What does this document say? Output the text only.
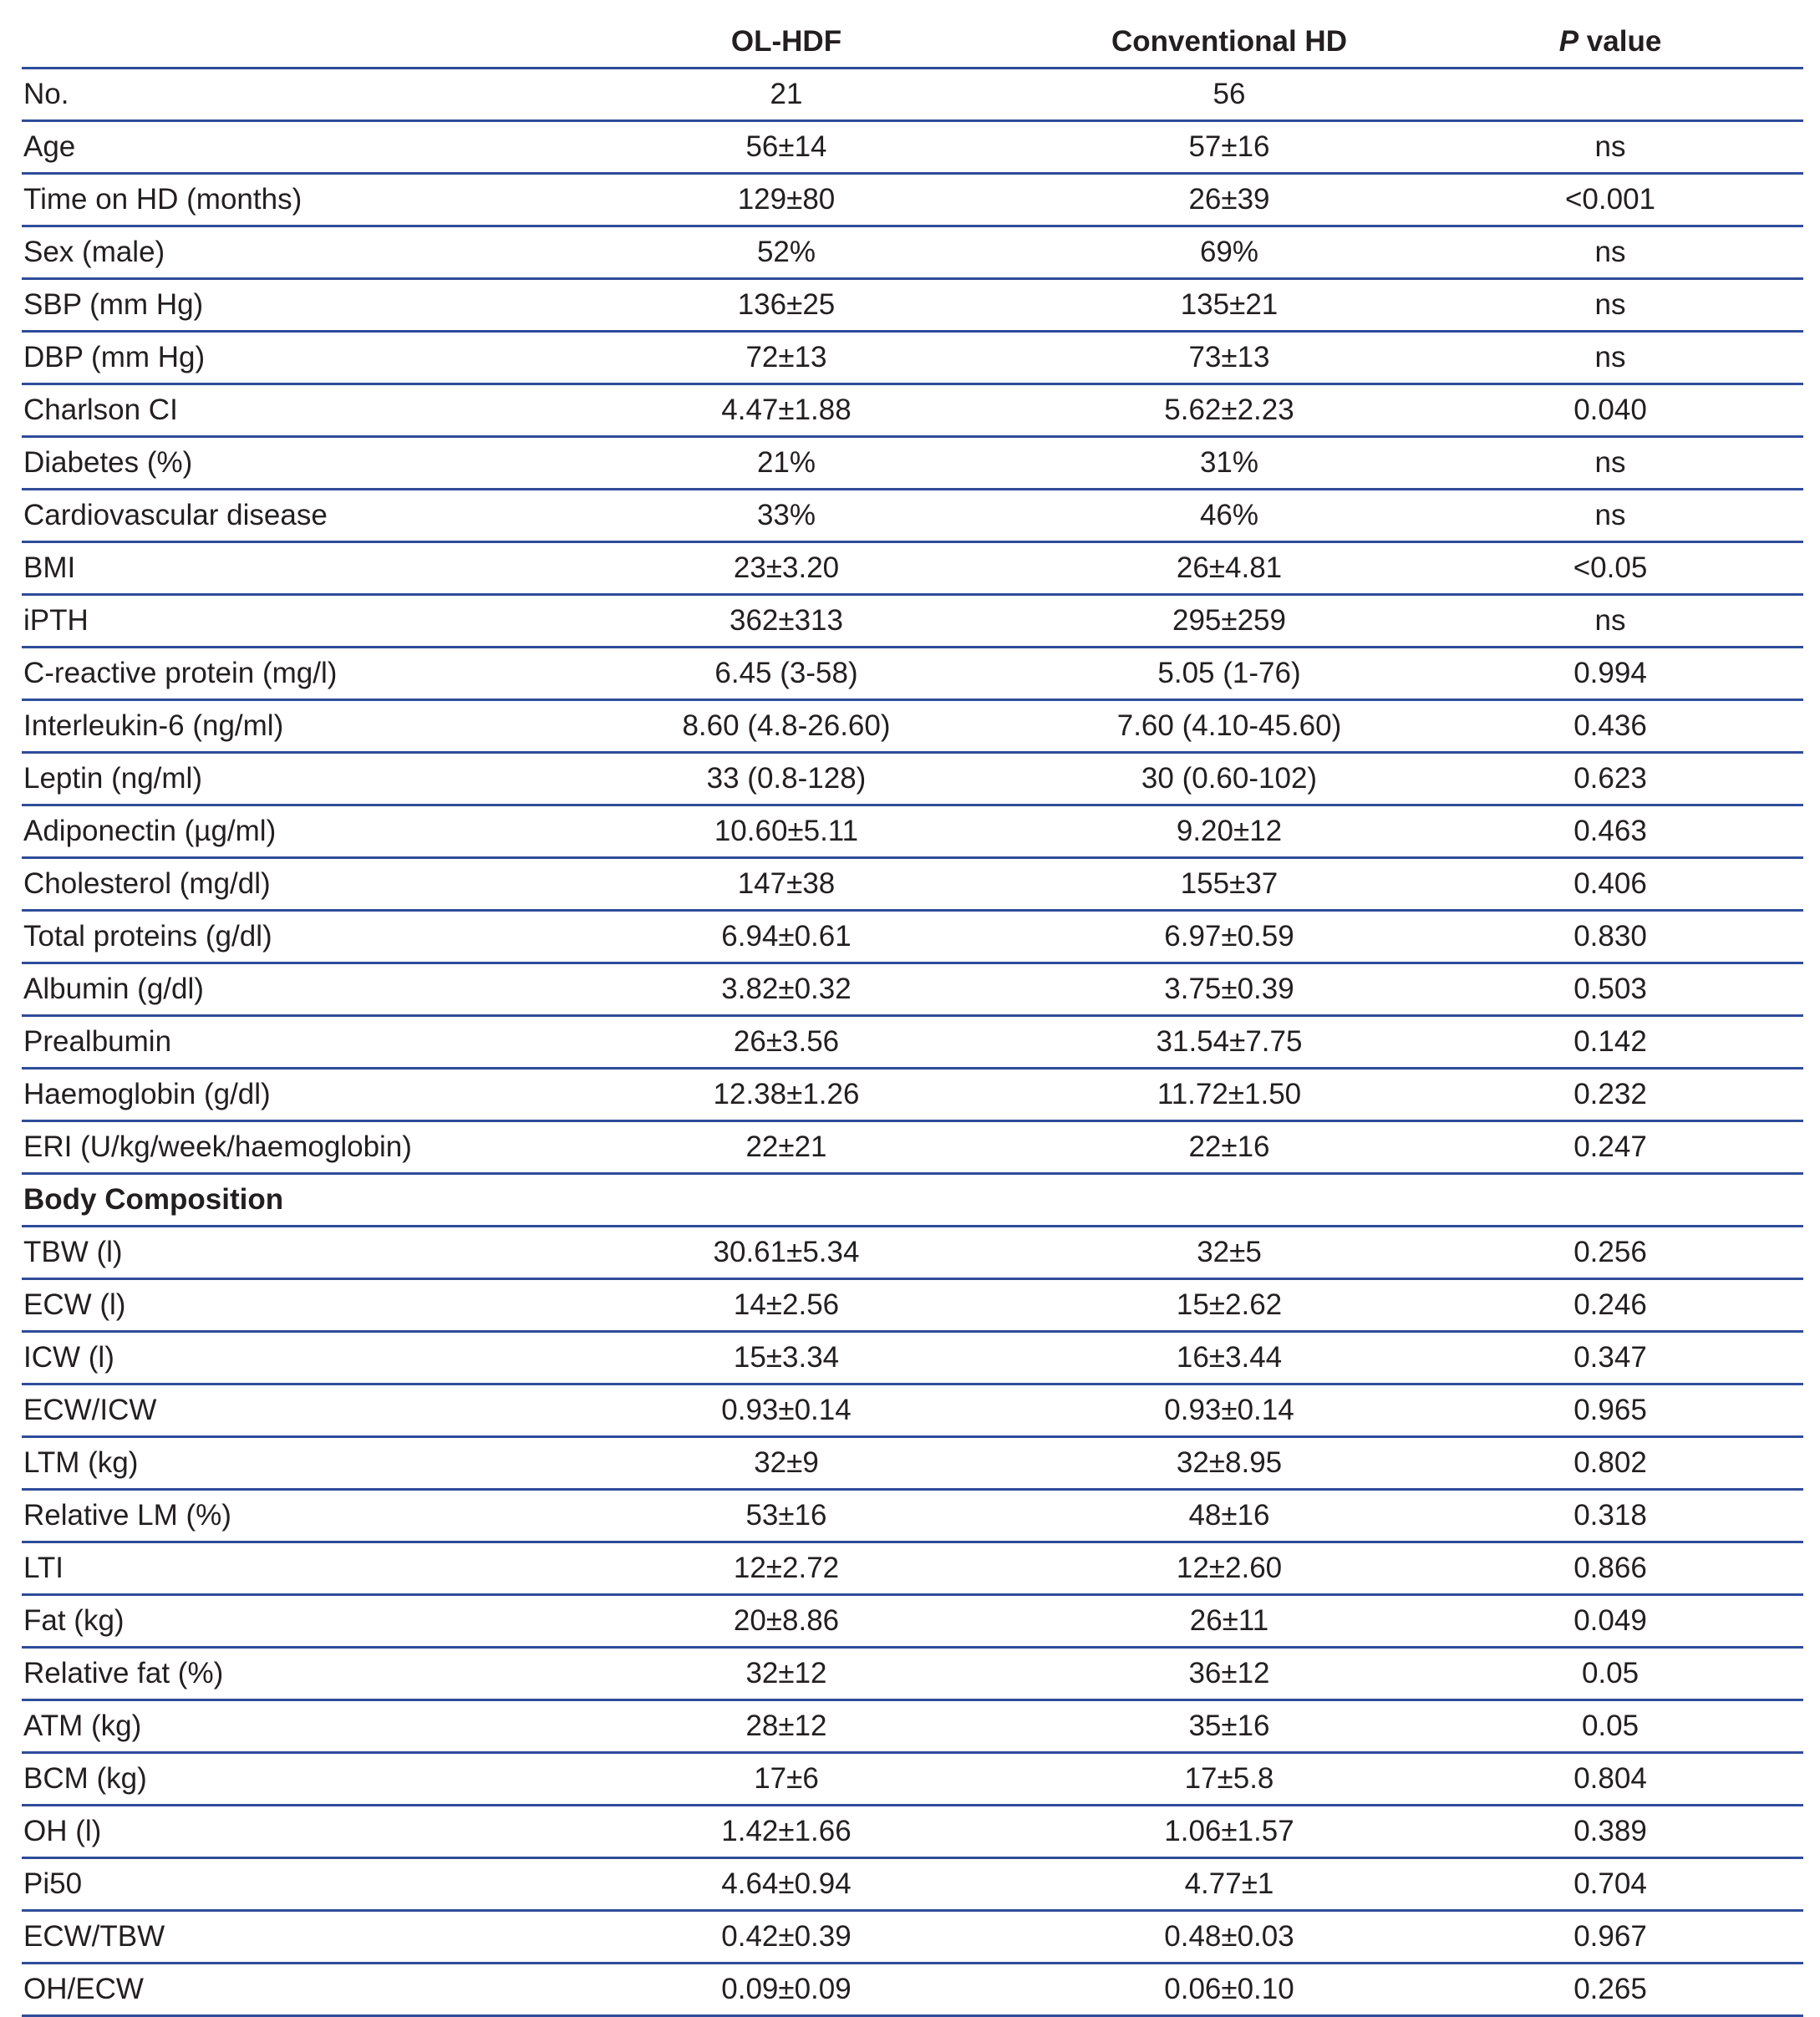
	OL-HDF	Conventional HD	P value
No.	21	56	
Age	56±14	57±16	ns
Time on HD (months)	129±80	26±39	<0.001
Sex (male)	52%	69%	ns
SBP (mm Hg)	136±25	135±21	ns
DBP (mm Hg)	72±13	73±13	ns
Charlson CI	4.47±1.88	5.62±2.23	0.040
Diabetes (%)	21%	31%	ns
Cardiovascular disease	33%	46%	ns
BMI	23±3.20	26±4.81	<0.05
iPTH	362±313	295±259	ns
C-reactive protein (mg/l)	6.45 (3-58)	5.05 (1-76)	0.994
Interleukin-6 (ng/ml)	8.60 (4.8-26.60)	7.60 (4.10-45.60)	0.436
Leptin (ng/ml)	33 (0.8-128)	30 (0.60-102)	0.623
Adiponectin (µg/ml)	10.60±5.11	9.20±12	0.463
Cholesterol (mg/dl)	147±38	155±37	0.406
Total proteins (g/dl)	6.94±0.61	6.97±0.59	0.830
Albumin (g/dl)	3.82±0.32	3.75±0.39	0.503
Prealbumin	26±3.56	31.54±7.75	0.142
Haemoglobin (g/dl)	12.38±1.26	11.72±1.50	0.232
ERI (U/kg/week/haemoglobin)	22±21	22±16	0.247
Body Composition			
TBW (l)	30.61±5.34	32±5	0.256
ECW (l)	14±2.56	15±2.62	0.246
ICW (l)	15±3.34	16±3.44	0.347
ECW/ICW	0.93±0.14	0.93±0.14	0.965
LTM (kg)	32±9	32±8.95	0.802
Relative LM (%)	53±16	48±16	0.318
LTI	12±2.72	12±2.60	0.866
Fat (kg)	20±8.86	26±11	0.049
Relative fat (%)	32±12	36±12	0.05
ATM (kg)	28±12	35±16	0.05
BCM (kg)	17±6	17±5.8	0.804
OH (l)	1.42±1.66	1.06±1.57	0.389
Pi50	4.64±0.94	4.77±1	0.704
ECW/TBW	0.42±0.39	0.48±0.03	0.967
OH/ECW	0.09±0.09	0.06±0.10	0.265
